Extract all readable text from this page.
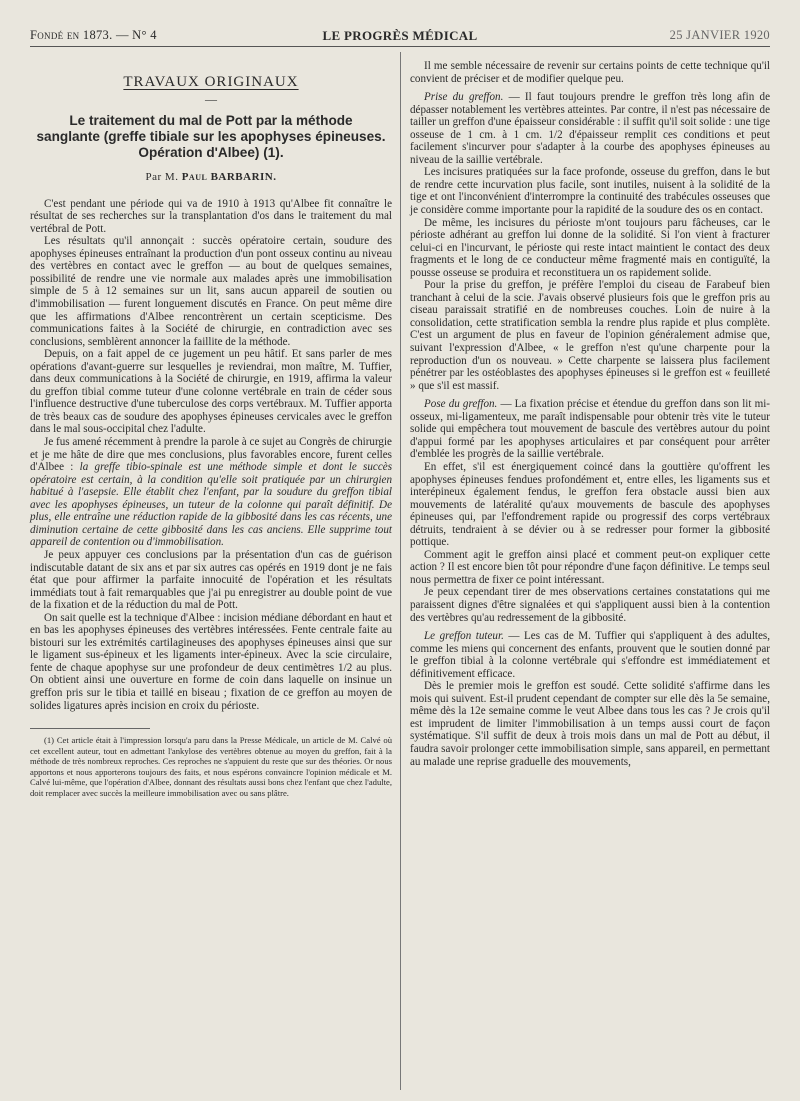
Fondé en 1873. — N° 4	LE PROGRÈS MÉDICAL	25 JANVIER 1920
TRAVAUX ORIGINAUX
—
Le traitement du mal de Pott par la méthode sanglante (greffe tibiale sur les apophyses épineuses. Opération d'Albee) (1).
Par M. Paul BARBARIN.

C'est pendant une période qui va de 1910 à 1913 qu'Albee fit connaître le résultat de ses recherches sur la transplantation d'os dans le traitement du mal vertébral de Pott.

Les résultats qu'il annonçait : succès opératoire certain, soudure des apophyses épineuses entraînant la production d'un pont osseux continu au niveau des vertèbres en contact avec le greffon — au bout de quelques semaines, possibilité de rendre une vie normale aux malades après une immobilisation simple de 5 à 12 semaines sur un lit, sans aucun appareil de soutien ou d'immobilisation — furent longuement discutés en France. On peut même dire que les affirmations d'Albee rencontrèrent un certain scepticisme. Des communications faites à la Société de chirurgie, en contradiction avec ses conclusions, semblèrent annoncer la faillite de la méthode.

Depuis, on a fait appel de ce jugement un peu hâtif. Et sans parler de mes opérations d'avant-guerre sur lesquelles je reviendrai, mon maître, M. Tuffier, dans deux communications à la Société de chirurgie, en 1919, affirma la valeur du greffon tibial comme tuteur d'une colonne vertébrale en train de céder sous l'influence destructive d'une tuberculose des corps vertébraux. M. Tuffier apporta de très beaux cas de soudure des apophyses épineuses cervicales avec le greffon dans le mal sous-occipital chez l'adulte.

Je fus amené récemment à prendre la parole à ce sujet au Congrès de chirurgie et je me hâte de dire que mes conclusions, plus favorables encore, furent celles d'Albee : la greffe tibio-spinale est une méthode simple et dont le succès opératoire est certain, à la condition qu'elle soit pratiquée par un chirurgien habitué à l'asepsie. Elle établit chez l'enfant, par la soudure du greffon tibial avec les apophyses épineuses, un tuteur de la colonne qui paraît définitif. De plus, elle entraîne une réduction rapide de la gibbosité dans les cas récents, une diminution certaine de cette gibbosité dans les cas anciens. Elle supprime tout appareil de contention ou d'immobilisation.

Je peux appuyer ces conclusions par la présentation d'un cas de guérison indiscutable datant de six ans et par six autres cas opérés en 1919 dont je ne fais état que pour affirmer la parfaite innocuité de l'opération et les résultats immédiats tout à fait remarquables que j'ai pu enregistrer au double point de vue de la fixation et de la réduction du mal de Pott.

On sait quelle est la technique d'Albee : incision médiane débordant en haut et en bas les apophyses épineuses des vertèbres intéressées. Fente centrale faite au bistouri sur les extrémités cartilagineuses des apophyses épineuses ainsi que sur le ligament sus-épineux et les ligaments inter-épineux. Avec la scie circulaire, fente de chaque apophyse sur une profondeur de deux centimètres 1/2 au plus. On obtient ainsi une ouverture en forme de coin dans laquelle on insinue un greffon pris sur le tibia et taillé en biseau ; fixation de ce greffon au moyen de solides ligatures après incision en croix du périoste.

(1) Cet article était à l'impression lorsqu'a paru dans la Presse Médicale, un article de M. Calvé où cet excellent auteur, tout en admettant l'ankylose des vertèbres obtenue au moyen du greffon, fait à la méthode de très nombreux reproches. Ces reproches ne s'appuient du reste que sur des théories. Or nous apportons et nous apporterons toujours des faits, et nous espérons convaincre l'opinion médicale et M. Calvé lui-même, que l'opération d'Albee, donnant des résultats aussi bons chez l'enfant que chez l'adulte, doit remplacer avec succès la meilleure immobilisation avec ou sans plâtre.

Il me semble nécessaire de revenir sur certains points de cette technique qu'il convient de préciser et de modifier quelque peu.

Prise du greffon. — Il faut toujours prendre le greffon très long afin de dépasser notablement les vertèbres atteintes. Par contre, il n'est pas nécessaire de tailler un greffon d'une épaisseur considérable : il suffit qu'il soit solide : une tige osseuse de 1 cm. à 1 cm. 1/2 d'épaisseur remplit ces conditions et peut facilement s'incurver pour s'adapter à la courbe des apophyses épineuses au niveau de la saillie vertébrale.

Les incisures pratiquées sur la face profonde, osseuse du greffon, dans le but de rendre cette incurvation plus facile, sont inutiles, nuisent à la solidité de la tige et ont l'inconvénient d'interrompre la continuité des trabécules osseuses que je considère comme importante pour la rapidité de la soudure des os en contact.

De même, les incisures du périoste m'ont toujours paru fâcheuses, car le périoste adhérant au greffon lui donne de la solidité. Si l'on vient à fracturer celui-ci en l'incurvant, le périoste qui reste intact maintient le contact des deux fragments et le long de ce conducteur même fragmenté mais en contiguïté, la pousse osseuse se produira et reconstituera un os rapidement solide.

Pour la prise du greffon, je préfère l'emploi du ciseau de Farabeuf bien tranchant à celui de la scie. J'avais observé plusieurs fois que le greffon pris au ciseau paraissait stratifié en de nombreuses couches. Loin de nuire à la consolidation, cette stratification sembla la rendre plus rapide et plus complète. C'est un argument de plus en faveur de l'opinion généralement admise que, suivant l'expression d'Albee, « le greffon n'est qu'une charpente pour la reproduction d'un os nouveau. » Cette charpente se laissera plus facilement pénétrer par les ostéoblastes des apophyses épineuses si le greffon est « feuilleté » que s'il est massif.

Pose du greffon. — La fixation précise et étendue du greffon dans son lit mi-osseux, mi-ligamenteux, me paraît indispensable pour obtenir très vite le tuteur solide qui empêchera tout mouvement de bascule des vertèbres autour du point d'appui formé par les apophyses articulaires et par conséquent pour arrêter d'emblée les progrès de la saillie vertébrale.

En effet, s'il est énergiquement coincé dans la gouttière qu'offrent les apophyses épineuses fendues profondément et, entre elles, les ligaments sus et interépineux également fendus, le greffon fera obstacle aussi bien aux mouvements de latéralité qu'aux mouvements de bascule des apophyses épineuses qui, par l'effondrement rapide ou progressif des corps vertébraux détruits, tendraient à se dévier ou à se redresser pour former la gibbosité pottique.

Comment agit le greffon ainsi placé et comment peut-on expliquer cette action ? Il est encore bien tôt pour répondre d'une façon définitive. Le temps seul nous permettra de fixer ce point intéressant.

Je peux cependant tirer de mes observations certaines constatations qui me paraissent dignes d'être signalées et qui s'appliquent aussi bien à la contention des vertèbres qu'au redressement de la gibbosité.

Le greffon tuteur. — Les cas de M. Tuffier qui s'appliquent à des adultes, comme les miens qui concernent des enfants, prouvent que le soutien donné par le greffon tibial à la colonne vertébrale qui s'effondre est immédiatement et définitivement efficace.

Dès le premier mois le greffon est soudé. Cette solidité s'affirme dans les mois qui suivent. Est-il prudent cependant de compter sur elle dès la 5e semaine, même dès la 12e semaine comme le veut Albee dans tous les cas ? Je crois qu'il est imprudent de limiter l'immobilisation à un temps aussi court de façon systématique. S'il suffit de deux à trois mois dans un mal de Pott au début, il faudra savoir prolonger cette immobilisation simple, sans appareil, en permettant au malade une reprise graduelle des mouvements,
